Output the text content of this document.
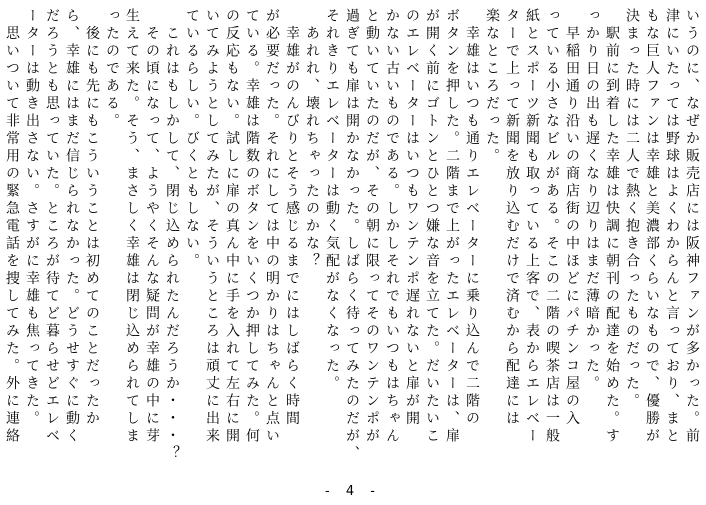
いうのに、なぜか販売店には阪神ファンが多かった。前
津にいたっては野球はよくわからんと言っており、まと
もな巨人ファンは幸雄と美濃部くらいなもので、優勝が
決まった時には二人で熱く抱き合ったものだった。
　駅前に到着した幸雄は快調に朝刊の配達を始めた。す
っかり日の出も遅くなり辺りはまだ薄暗かった。
　早稲田通り沿いの商店街の中ほどにパチンコ屋の入
っている小さなビルがある。そこの二階の喫茶店は一般
紙とスポーツ新聞も取っている上客で、表からエレベー
ターで上って新聞を放り込むだけで済むから配達には
楽なところだった。
　幸雄はいつも通りエレベーターに乗り込んで二階の
ボタンを押した。二階まで上がったエレベーターは、扉
が開く前にゴトンとひとつ嫌な音を立てた。だいたいこ
のエレベーターはいつもワンテンポ遅れないと扉が開
かない古いものである。しかしそれでもいつもはちゃん
と動いていたのだが、その朝に限ってそのワンテンポが
過ぎても扉は開かなかった。しばらく待ってみたのだが、
それきりエレベーターは動く気配がなくなった。
　あれれ、壊れちゃったのかな？
　幸雄がのんびりとそう感じるまでにはしばらく時間
が必要だった。それにしては中の明かりはちゃんと点い
ている。幸雄は階数のボタンをいくつか押してみた。何
の反応もない。試しに扉の真ん中に手を入れて左右に開
いてみようとしてみたが、そういうところは頑丈に出来
ているらしい。びくともしない。
　これはもしかして、閉じ込められたんだろうか・・・？
　その頃になって、ようやくそんな疑問が幸雄の中に芽
生えて来た。そう、まさしく幸雄は閉じ込められてしま
ったのである。
　後にも先にもこういうことは初めてのことだったか
ら、幸雄にはまだ信じられなかった。どうせすぐに動く
だろうとも思っていた。ところが待てど暮らせどエレベ
ーターは動き出さない。さすがに幸雄も焦ってきた。
　思いついて非常用の緊急電話を捜してみた。外に連絡
- 4 -
